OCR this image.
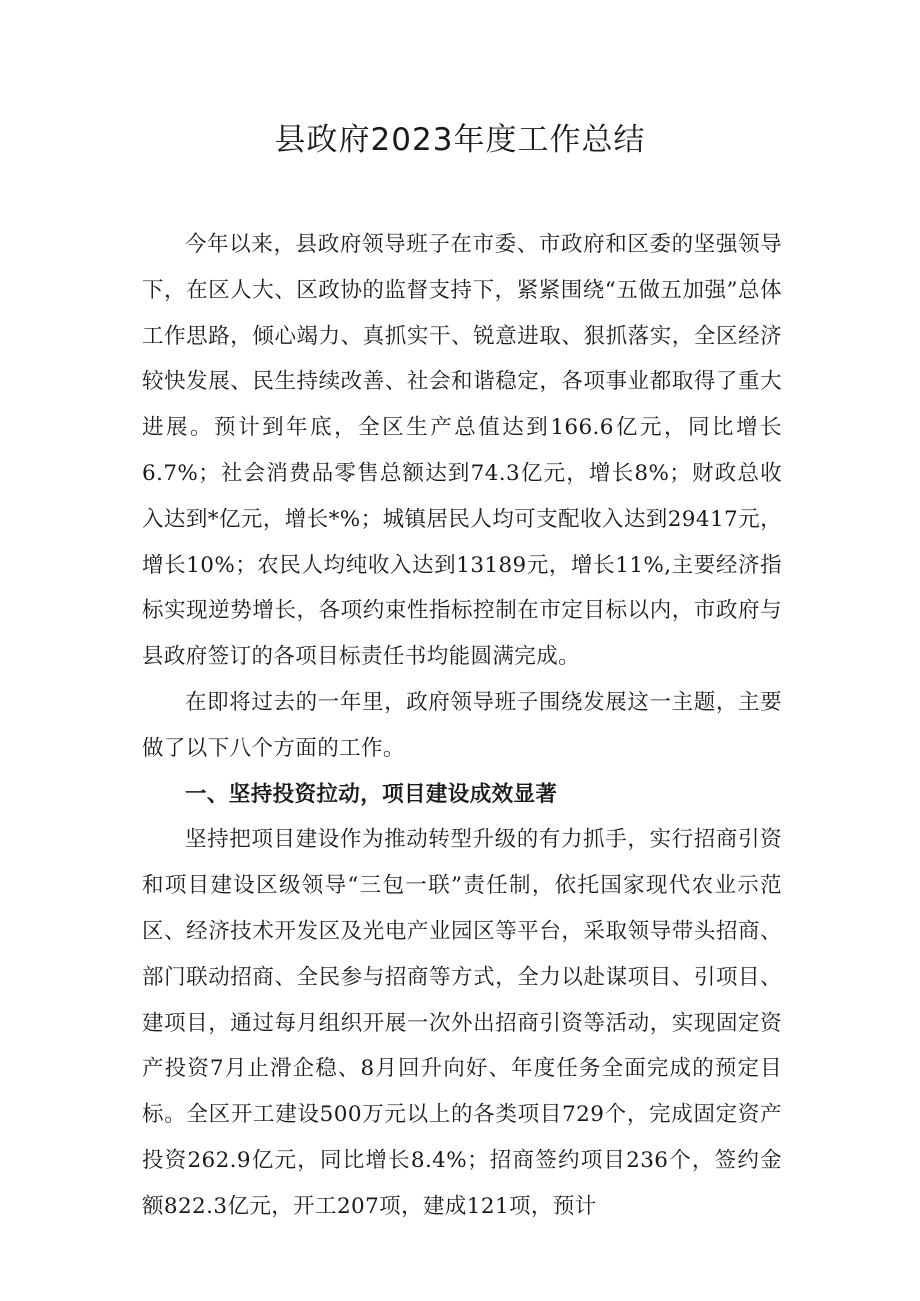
县政府2023年度工作总结

今年以来，县政府领导班子在市委、市政府和区委的坚强领导下，在区人大、区政协的监督支持下，紧紧围绕“五做五加强”总体工作思路，倾心竭力、真抓实干、锐意进取、狠抓落实，全区经济较快发展、民生持续改善、社会和谐稳定，各项事业都取得了重大进展。预计到年底，全区生产总值达到166.6亿元，同比增长6.7%；社会消费品零售总额达到74.3亿元，增长8%；财政总收入达到*亿元，增长*%；城镇居民人均可支配收入达到29417元，增长10%；农民人均纯收入达到13189元，增长11%,主要经济指标实现逆势增长，各项约束性指标控制在市定目标以内，市政府与县政府签订的各项目标责任书均能圆满完成。

在即将过去的一年里，政府领导班子围绕发展这一主题，主要做了以下八个方面的工作。

一、坚持投资拉动，项目建设成效显著

坚持把项目建设作为推动转型升级的有力抓手，实行招商引资和项目建设区级领导“三包一联”责任制，依托国家现代农业示范区、经济技术开发区及光电产业园区等平台，采取领导带头招商、部门联动招商、全民参与招商等方式，全力以赴谋项目、引项目、建项目，通过每月组织开展一次外出招商引资等活动，实现固定资产投资7月止滑企稳、8月回升向好、年度任务全面完成的预定目标。全区开工建设500万元以上的各类项目729个，完成固定资产投资262.9亿元，同比增长8.4%；招商签约项目236个，签约金额822.3亿元，开工207项，建成121项，预计
